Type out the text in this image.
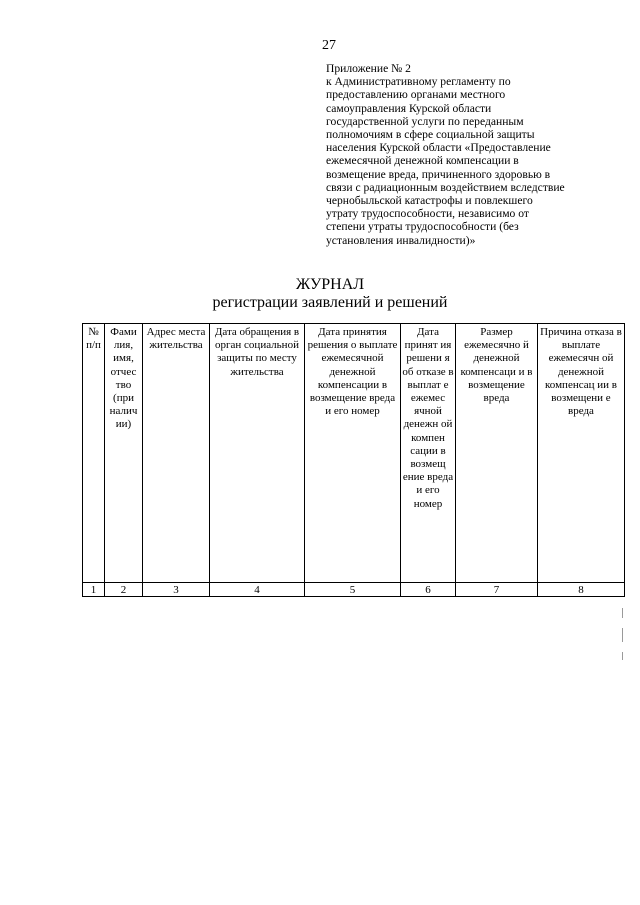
27
Приложение № 2
к Административному регламенту по
предоставлению органами местного
самоуправления Курской области
государственной услуги по переданным
полномочиям в сфере социальной защиты
населения Курской области «Предоставление
ежемесячной денежной компенсации в
возмещение вреда, причиненного здоровью в
связи с радиационным воздействием вследствие
чернобыльской катастрофы и повлекшего
утрату трудоспособности, независимо от
степени утраты трудоспособности (без
установления инвалидности)»
ЖУРНАЛ
регистрации заявлений и решений
№ п/п	Фами лия, имя, отчес тво (при налич ии)	Адрес места жительства	Дата обращения в орган социальной защиты по месту жительства	Дата принятия решения о выплате ежемесячной денежной компенсации в возмещение вреда и его номер	Дата принят ия решени я об отказе в выплат е ежемес ячной денежн ой компен сации в возмещ ение вреда и его номер	Размер ежемесячно й денежной компенсаци и в возмещение вреда	Причина отказа в выплате ежемесячн ой денежной компенсац ии в возмещени е вреда
1	2	3	4	5	6	7	8
